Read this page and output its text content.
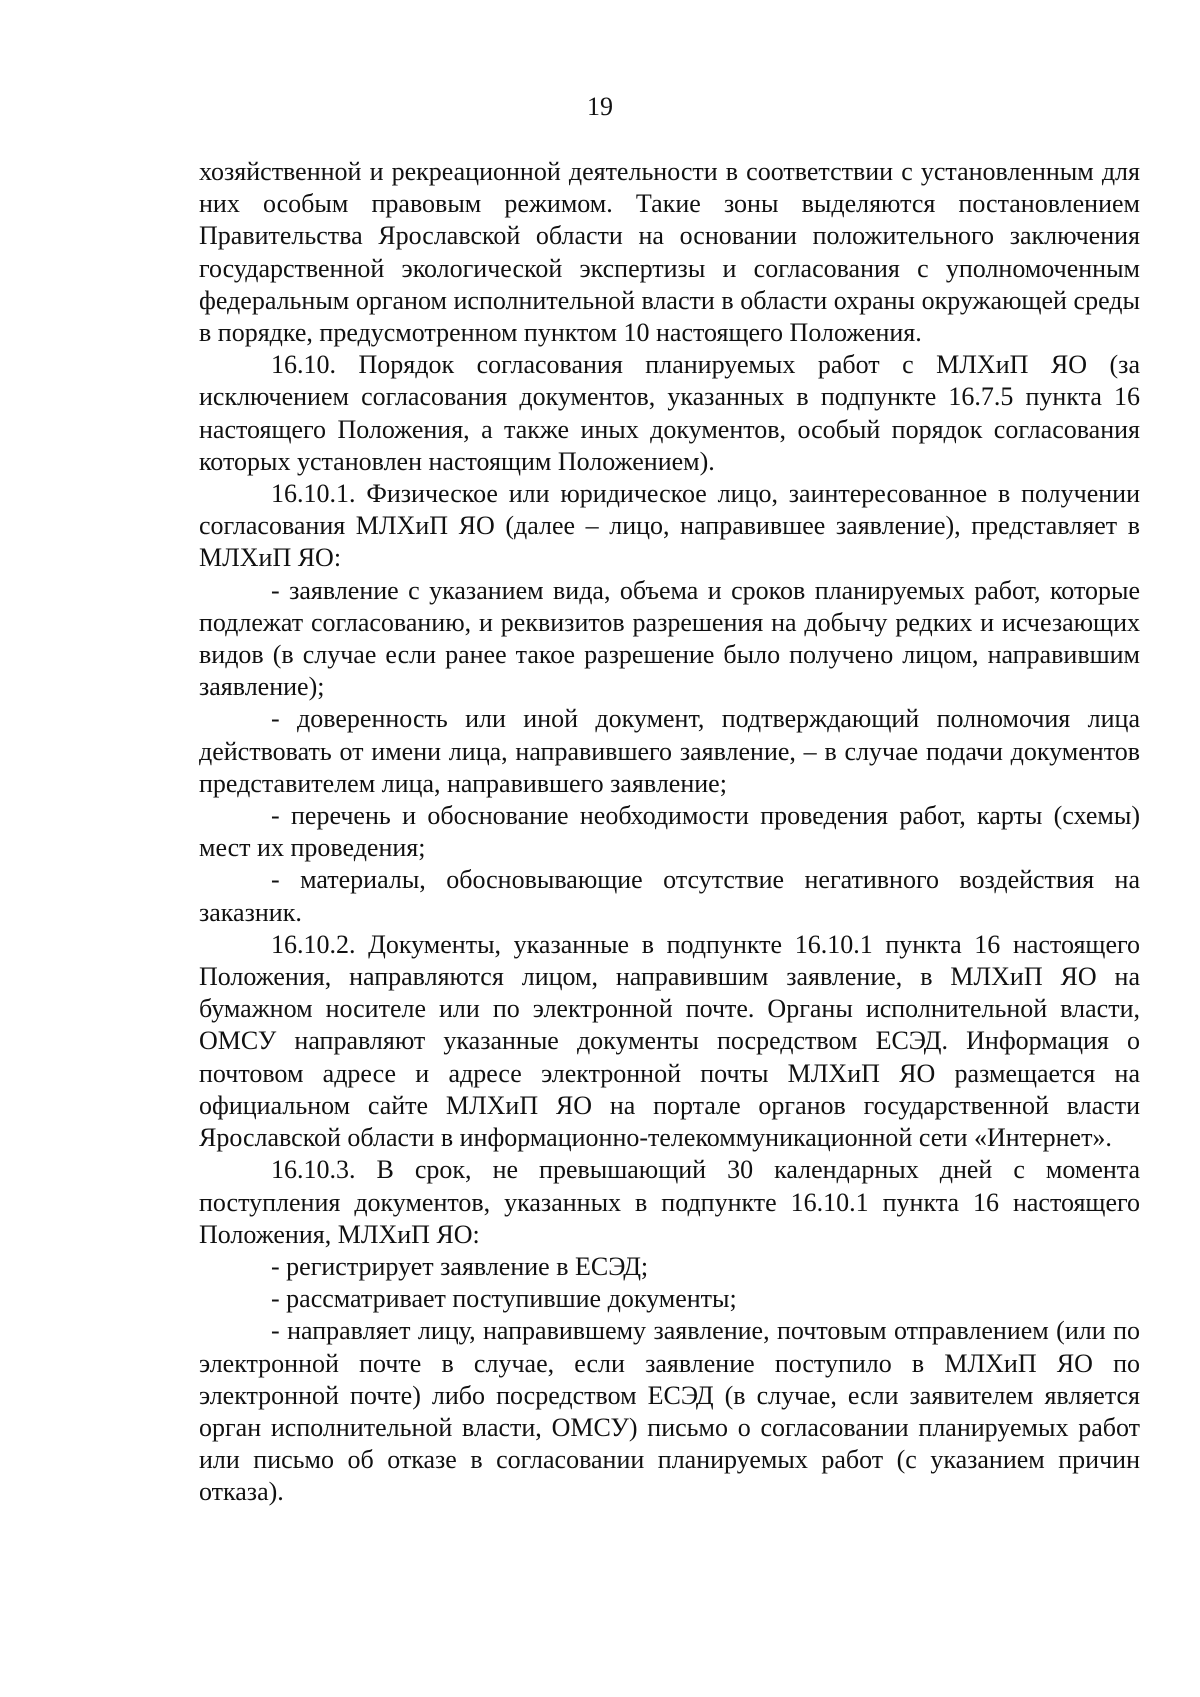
19

хозяйственной и рекреационной деятельности в соответствии с установленным для них особым правовым режимом. Такие зоны выделяются постановлением Правительства Ярославской области на основании положительного заключения государственной экологической экспертизы и согласования с уполномоченным федеральным органом исполнительной власти в области охраны окружающей среды в порядке, предусмотренном пунктом 10 настоящего Положения.

16.10. Порядок согласования планируемых работ с МЛХиП ЯО (за исключением согласования документов, указанных в подпункте 16.7.5 пункта 16 настоящего Положения, а также иных документов, особый порядок согласования которых установлен настоящим Положением).

16.10.1. Физическое или юридическое лицо, заинтересованное в получении согласования МЛХиП ЯО (далее – лицо, направившее заявление), представляет в МЛХиП ЯО:

- заявление с указанием вида, объема и сроков планируемых работ, которые подлежат согласованию, и реквизитов разрешения на добычу редких и исчезающих видов (в случае если ранее такое разрешение было получено лицом, направившим заявление);

- доверенность или иной документ, подтверждающий полномочия лица действовать от имени лица, направившего заявление, – в случае подачи документов представителем лица, направившего заявление;

- перечень и обоснование необходимости проведения работ, карты (схемы) мест их проведения;

- материалы, обосновывающие отсутствие негативного воздействия на заказник.

16.10.2. Документы, указанные в подпункте 16.10.1 пункта 16 настоящего Положения, направляются лицом, направившим заявление, в МЛХиП ЯО на бумажном носителе или по электронной почте. Органы исполнительной власти, ОМСУ направляют указанные документы посредством ЕСЭД. Информация о почтовом адресе и адресе электронной почты МЛХиП ЯО размещается на официальном сайте МЛХиП ЯО на портале органов государственной власти Ярославской области в информационно-телекоммуникационной сети «Интернет».

16.10.3. В срок, не превышающий 30 календарных дней с момента поступления документов, указанных в подпункте 16.10.1 пункта 16 настоящего Положения, МЛХиП ЯО:

- регистрирует заявление в ЕСЭД;

- рассматривает поступившие документы;

- направляет лицу, направившему заявление, почтовым отправлением (или по электронной почте в случае, если заявление поступило в МЛХиП ЯО по электронной почте) либо посредством ЕСЭД (в случае, если заявителем является орган исполнительной власти, ОМСУ) письмо о согласовании планируемых работ или письмо об отказе в согласовании планируемых работ (с указанием причин отказа).
